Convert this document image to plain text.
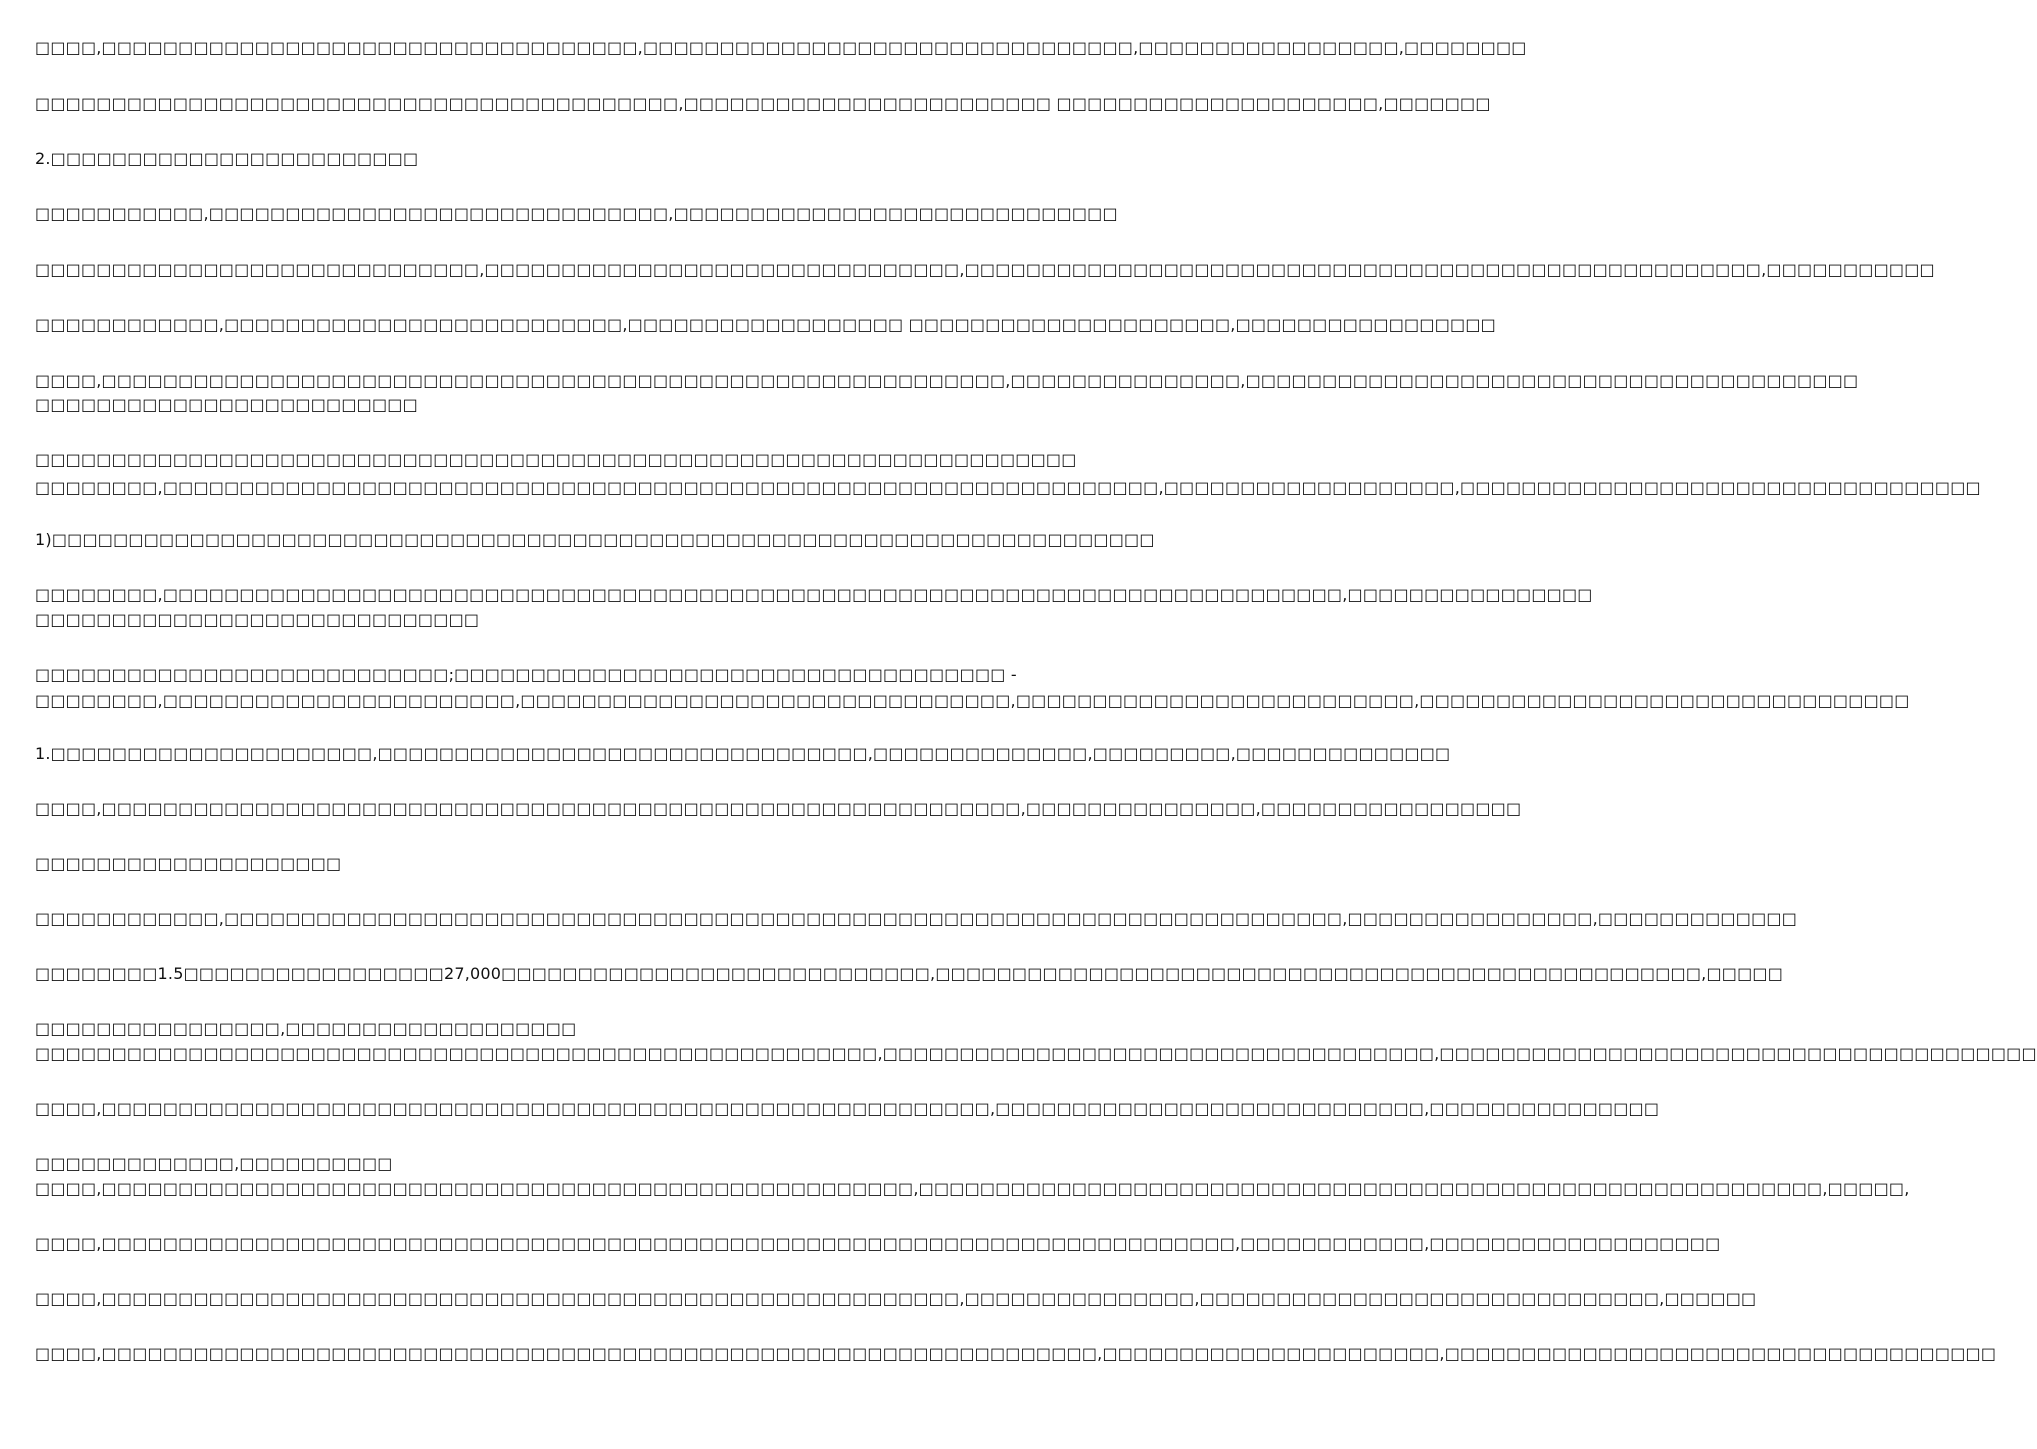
□□□□,□□□□□□□□□□□□□□□□□□□□□□□□□□□□□□□□□□□,□□□□□□□□□□□□□□□□□□□□□□□□□□□□□□□□,□□□□□□□□□□□□□□□□□,□□□□□□□□
□□□□□□□□□□□□□□□□□□□□□□□□□□□□□□□□□□□□□□□□□□,□□□□□□□□□□□□□□□□□□□□□□□□ □□□□□□□□□□□□□□□□□□□□□,□□□□□□□
2.□□□□□□□□□□□□□□□□□□□□□□□□
□□□□□□□□□□□,□□□□□□□□□□□□□□□□□□□□□□□□□□□□□□,□□□□□□□□□□□□□□□□□□□□□□□□□□□□□
□□□□□□□□□□□□□□□□□□□□□□□□□□□□□,□□□□□□□□□□□□□□□□□□□□□□□□□□□□□□□,□□□□□□□□□□□□□□□□□□□□□□□□□□□□□□□□□□□□□□□□□□□□□□□□□□□□,□□□□□□□□□□□
□□□□□□□□□□□□,□□□□□□□□□□□□□□□□□□□□□□□□□□,□□□□□□□□□□□□□□□□□□ □□□□□□□□□□□□□□□□□□□□□,□□□□□□□□□□□□□□□□□
□□□□,□□□□□□□□□□□□□□□□□□□□□□□□□□□□□□□□□□□□□□□□□□□□□□□□□□□□□□□□□□□,□□□□□□□□□□□□□□□,□□□□□□□□□□□□□□□□□□□□□□□□□□□□□□□□□□□□□□□□
□□□□□□□□□□□□□□□□□□□□□□□□□
□□□□□□□□□□□□□□□□□□□□□□□□□□□□□□□□□□□□□□□□□□□□□□□□□□□□□□□□□□□□□□□□□□□□
□□□□□□□□,□□□□□□□□□□□□□□□□□□□□□□□□□□□□□□□□□□□□□□□□□□□□□□□□□□□□□□□□□□□□□□□□□,□□□□□□□□□□□□□□□□□□□,□□□□□□□□□□□□□□□□□□□□□□□□□□□□□□□□□□
1)□□□□□□□□□□□□□□□□□□□□□□□□□□□□□□□□□□□□□□□□□□□□□□□□□□□□□□□□□□□□□□□□□□□□□□□□
□□□□□□□□,□□□□□□□□□□□□□□□□□□□□□□□□□□□□□□□□□□□□□□□□□□□□□□□□□□□□□□□□□□□□□□□□□□□□□□□□□□□□□,□□□□□□□□□□□□□□□□
□□□□□□□□□□□□□□□□□□□□□□□□□□□□□
□□□□□□□□□□□□□□□□□□□□□□□□□□□;□□□□□□□□□□□□□□□□□□□□□□□□□□□□□□□□□□□□ -
□□□□□□□□,□□□□□□□□□□□□□□□□□□□□□□□,□□□□□□□□□□□□□□□□□□□□□□□□□□□□□□□□,□□□□□□□□□□□□□□□□□□□□□□□□□□,□□□□□□□□□□□□□□□□□□□□□□□□□□□□□□□□
1.□□□□□□□□□□□□□□□□□□□□□,□□□□□□□□□□□□□□□□□□□□□□□□□□□□□□□□,□□□□□□□□□□□□□□,□□□□□□□□□,□□□□□□□□□□□□□□
□□□□,□□□□□□□□□□□□□□□□□□□□□□□□□□□□□□□□□□□□□□□□□□□□□□□□□□□□□□□□□□□□,□□□□□□□□□□□□□□□,□□□□□□□□□□□□□□□□□
□□□□□□□□□□□□□□□□□□□□
□□□□□□□□□□□□,□□□□□□□□□□□□□□□□□□□□□□□□□□□□□□□□□□□□□□□□□□□□□□□□□□□□□□□□□□□□□□□□□□□□□□□□□,□□□□□□□□□□□□□□□□,□□□□□□□□□□□□□
□□□□□□□□1.5□□□□□□□□□□□□□□□□□27,000□□□□□□□□□□□□□□□□□□□□□□□□□□□□,□□□□□□□□□□□□□□□□□□□□□□□□□□□□□□□□□□□□□□□□□□□□□□□□□□,□□□□□
□□□□□□□□□□□□□□□□,□□□□□□□□□□□□□□□□□□□
□□□□□□□□□□□□□□□□□□□□□□□□□□□□□□□□□□□□□□□□□□□□□□□□□□□□□□□,□□□□□□□□□□□□□□□□□□□□□□□□□□□□□□□□□□□□,□□□□□□□□□□□□□□□□□□□□□□□□□□□□□□□□□□□□□□□
□□□□,□□□□□□□□□□□□□□□□□□□□□□□□□□□□□□□□□□□□□□□□□□□□□□□□□□□□□□□□□□,□□□□□□□□□□□□□□□□□□□□□□□□□□□□,□□□□□□□□□□□□□□□
□□□□□□□□□□□□□,□□□□□□□□□□
□□□□,□□□□□□□□□□□□□□□□□□□□□□□□□□□□□□□□□□□□□□□□□□□□□□□□□□□□□,□□□□□□□□□□□□□□□□□□□□□□□□□□□□□□□□□□□□□□□□□□□□□□□□□□□□□□□□□□□,□□□□□,
□□□□,□□□□□□□□□□□□□□□□□□□□□□□□□□□□□□□□□□□□□□□□□□□□□□□□□□□□□□□□□□□□□□□□□□□□□□□□□□,□□□□□□□□□□□□,□□□□□□□□□□□□□□□□□□□
□□□□,□□□□□□□□□□□□□□□□□□□□□□□□□□□□□□□□□□□□□□□□□□□□□□□□□□□□□□□□,□□□□□□□□□□□□□□□,□□□□□□□□□□□□□□□□□□□□□□□□□□□□□□,□□□□□□
□□□□,□□□□□□□□□□□□□□□□□□□□□□□□□□□□□□□□□□□□□□□□□□□□□□□□□□□□□□□□□□□□□□□□□,□□□□□□□□□□□□□□□□□□□□□□,□□□□□□□□□□□□□□□□□□□□□□□□□□□□□□□□□□□□
